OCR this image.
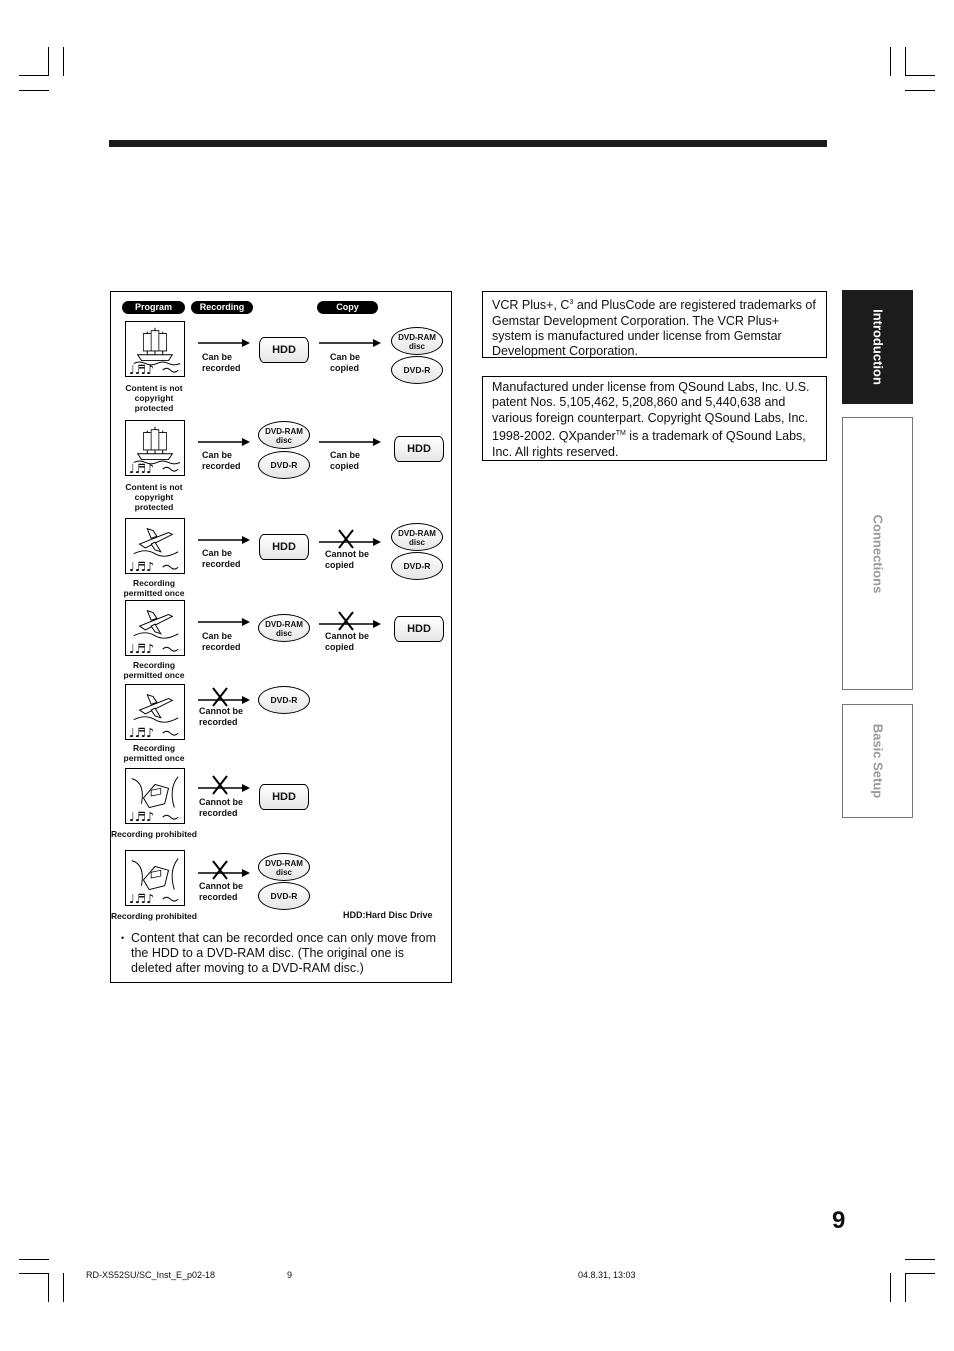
Program	Recording	Copy
♩♬♪
Content is not
copyright
protected
Can be
recorded
HDD
Can be
copied
DVD-RAM
disc
DVD-R
♩♬♪
Content is not
copyright
protected
Can be
recorded
DVD-RAM
disc
DVD-R
Can be
copied
HDD
♩♬♪
Recording
permitted once
Can be
recorded
HDD
Cannot be
copied
DVD-RAM
disc
DVD-R
♩♬♪
Recording
permitted once
Can be
recorded
DVD-RAM
disc	Cannot be
copied
HDD
♩♬♪
Recording
permitted once
Cannot be
recorded
DVD-R
♩♬♪
Recording prohibited
Cannot be
recorded
HDD
♩♬♪
Recording prohibited
Cannot be
recorded
DVD-RAM
disc
DVD-R
HDD:Hard Disc Drive
• Content that can be recorded once can only move from the HDD to a DVD-RAM disc. (The original one is deleted after moving to a DVD-RAM disc.)
VCR Plus+, $C^3$ and PlusCode are registered trademarks of Gemstar Development Corporation. The VCR Plus+ system is manufactured under license from Gemstar Development Corporation.
Manufactured under license from QSound Labs, Inc. U.S. patent Nos. 5,105,462, 5,208,860 and 5,440,638 and various foreign counterpart. Copyright QSound Labs, Inc. 1998-2002. QXpander™ is a trademark of QSound Labs, Inc. All rights reserved.
Introduction
Connections
Basic Setup
9
RD-XS52SU/SC_Inst_E_p02-18	9	04.8.31, 13:03
